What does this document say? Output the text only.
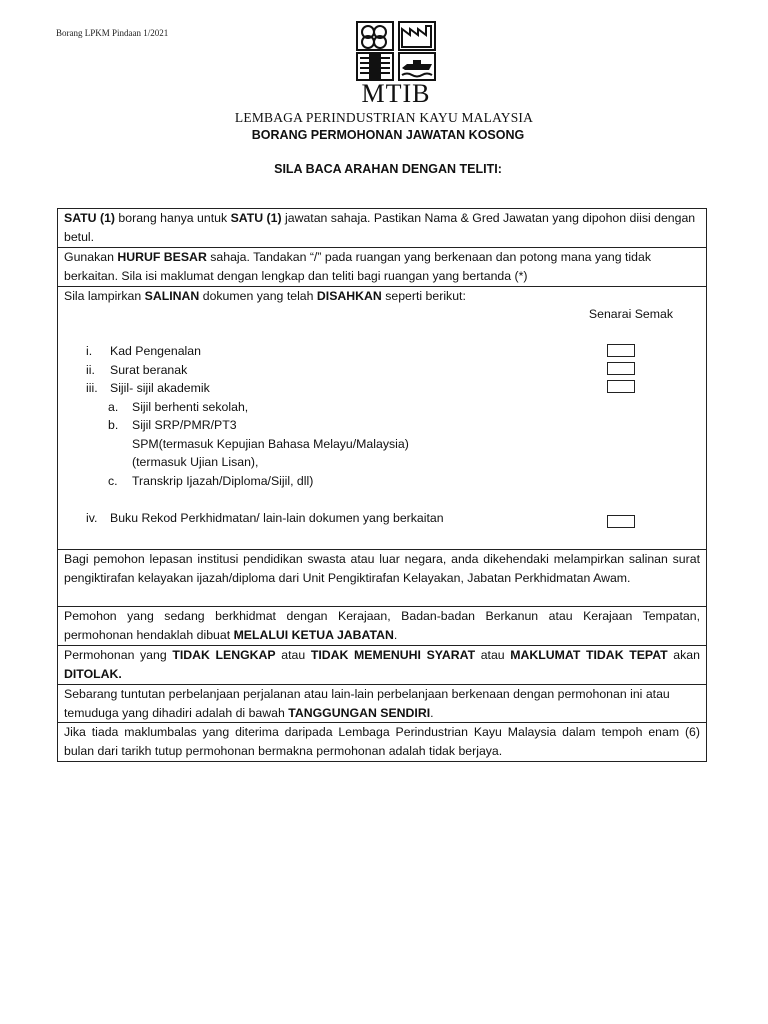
Borang LPKM Pindaan 1/2021
MTIB
LEMBAGA PERINDUSTRIAN KAYU MALAYSIA
BORANG PERMOHONAN JAWATAN KOSONG
SILA BACA ARAHAN DENGAN TELITI:
SATU (1) borang hanya untuk SATU (1) jawatan sahaja. Pastikan Nama & Gred Jawatan yang dipohon diisi dengan betul.
Gunakan HURUF BESAR sahaja. Tandakan “/” pada ruangan yang berkenaan dan potong mana yang tidak berkaitan. Sila isi maklumat dengan lengkap dan teliti bagi ruangan yang bertanda (*)
Sila lampirkan SALINAN dokumen yang telah DISAHKAN seperti berikut:
Senarai Semak
i.	Kad Pengenalan
ii.	Surat beranak
iii.	Sijil- sijil akademik
a.	Sijil berhenti sekolah,
b.	Sijil SRP/PMR/PT3
SPM(termasuk Kepujian Bahasa Melayu/Malaysia)
(termasuk Ujian Lisan),
c.	Transkrip Ijazah/Diploma/Sijil, dll)
iv.	Buku Rekod Perkhidmatan/ lain-lain dokumen yang berkaitan
Bagi pemohon lepasan institusi pendidikan swasta atau luar negara, anda dikehendaki melampirkan salinan surat pengiktirafan kelayakan ijazah/diploma dari Unit Pengiktirafan Kelayakan, Jabatan Perkhidmatan Awam.
Pemohon yang sedang berkhidmat dengan Kerajaan, Badan-badan Berkanun atau Kerajaan Tempatan, permohonan hendaklah dibuat MELALUI KETUA JABATAN.
Permohonan yang TIDAK LENGKAP atau TIDAK MEMENUHI SYARAT atau MAKLUMAT TIDAK TEPAT akan DITOLAK.
Sebarang tuntutan perbelanjaan perjalanan atau lain-lain perbelanjaan berkenaan dengan permohonan ini atau temuduga yang dihadiri adalah di bawah TANGGUNGAN SENDIRI.
Jika tiada maklumbalas yang diterima daripada Lembaga Perindustrian Kayu Malaysia dalam tempoh enam (6) bulan dari tarikh tutup permohonan bermakna permohonan adalah tidak berjaya.
